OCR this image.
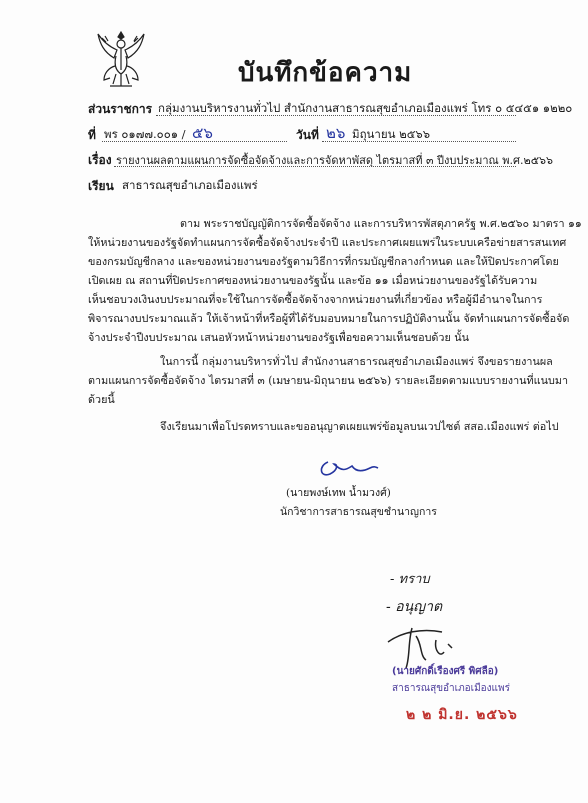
บันทึกข้อความ
ส่วนราชการ กลุ่มงานบริหารงานทั่วไป สำนักงานสาธารณสุขอำเภอเมืองแพร่ โทร ๐ ๕๔๕๑ ๑๒๒๐
ที่ พร ๐๑๗๗.๐๐๑ / ๕๖	วันที่ ๒๖ มิถุนายน ๒๕๖๖
เรื่อง รายงานผลตามแผนการจัดซื้อจัดจ้างและการจัดหาพัสดุ ไตรมาสที่ ๓ ปีงบประมาณ พ.ศ.๒๕๖๖
เรียน สาธารณสุขอำเภอเมืองแพร่
ตาม พระราชบัญญัติการจัดซื้อจัดจ้าง และการบริหารพัสดุภาครัฐ พ.ศ.๒๕๖๐ มาตรา ๑๑
ให้หน่วยงานของรัฐจัดทำแผนการจัดซื้อจัดจ้างประจำปี และประกาศเผยแพร่ในระบบเครือข่ายสารสนเทศ
ของกรมบัญชีกลาง และของหน่วยงานของรัฐตามวิธีการที่กรมบัญชีกลางกำหนด และให้ปิดประกาศโดย
เปิดเผย ณ สถานที่ปิดประกาศของหน่วยงานของรัฐนั้น และข้อ ๑๑ เมื่อหน่วยงานของรัฐได้รับความ
เห็นชอบวงเงินงบประมาณที่จะใช้ในการจัดซื้อจัดจ้างจากหน่วยงานที่เกี่ยวข้อง หรือผู้มีอำนาจในการ
พิจารณางบประมาณแล้ว ให้เจ้าหน้าที่หรือผู้ที่ได้รับมอบหมายในการปฏิบัติงานนั้น จัดทำแผนการจัดซื้อจัด
จ้างประจำปีงบประมาณ เสนอหัวหน้าหน่วยงานของรัฐเพื่อขอความเห็นชอบด้วย นั้น
ในการนี้ กลุ่มงานบริหารทั่วไป สำนักงานสาธารณสุขอำเภอเมืองแพร่ จึงขอรายงานผล
ตามแผนการจัดซื้อจัดจ้าง ไตรมาสที่ ๓ (เมษายน-มิถุนายน ๒๕๖๖) รายละเอียดตามแบบรายงานที่แนบมา
ด้วยนี้
จึงเรียนมาเพื่อโปรดทราบและขออนุญาตเผยแพร่ข้อมูลบนเวปไซต์ สสอ.เมืองแพร่ ต่อไป
(นายพงษ์เทพ น้ำมวงศ์)
นักวิชาการสาธารณสุขชำนาญการ
- ทราบ
- อนุญาต
(นายศักดิ์เรืองศรี พิศลือ)
สาธารณสุขอำเภอเมืองแพร่
๒ ๒ มิ.ย. ๒๕๖๖
